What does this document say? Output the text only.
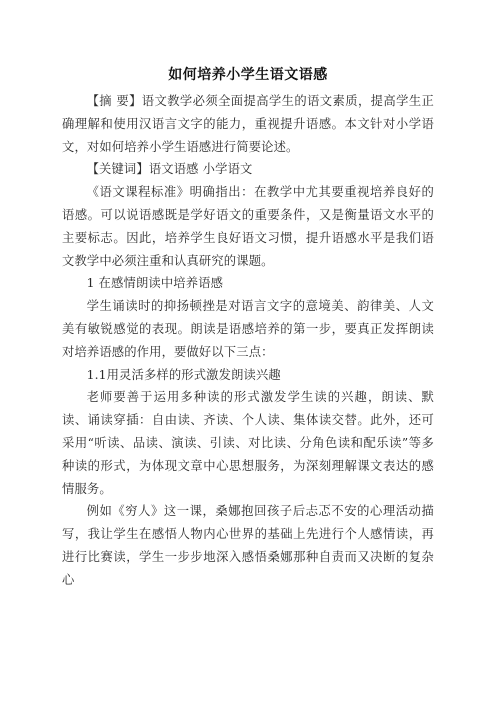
如何培养小学生语文语感

【摘 要】语文教学必须全面提高学生的语文素质，提高学生正确理解和使用汉语言文字的能力，重视提升语感。本文针对小学语文，对如何培养小学生语感进行简要论述。

【关键词】语文语感 小学语文

《语文课程标准》明确指出：在教学中尤其要重视培养良好的语感。可以说语感既是学好语文的重要条件，又是衡量语文水平的主要标志。因此，培养学生良好语文习惯，提升语感水平是我们语文教学中必须注重和认真研究的课题。

1 在感情朗读中培养语感

学生诵读时的抑扬顿挫是对语言文字的意境美、韵律美、人文美有敏锐感觉的表现。朗读是语感培养的第一步，要真正发挥朗读对培养语感的作用，要做好以下三点：

1.1用灵活多样的形式激发朗读兴趣

老师要善于运用多种读的形式激发学生读的兴趣，朗读、默读、诵读穿插：自由读、齐读、个人读、集体读交替。此外，还可采用“听读、品读、演读、引读、对比读、分角色读和配乐读”等多种读的形式，为体现文章中心思想服务，为深刻理解课文表达的感情服务。

例如《穷人》这一课，桑娜抱回孩子后忐忑不安的心理活动描写，我让学生在感悟人物内心世界的基础上先进行个人感情读，再进行比赛读，学生一步步地深入感悟桑娜那种自责而又决断的复杂心
